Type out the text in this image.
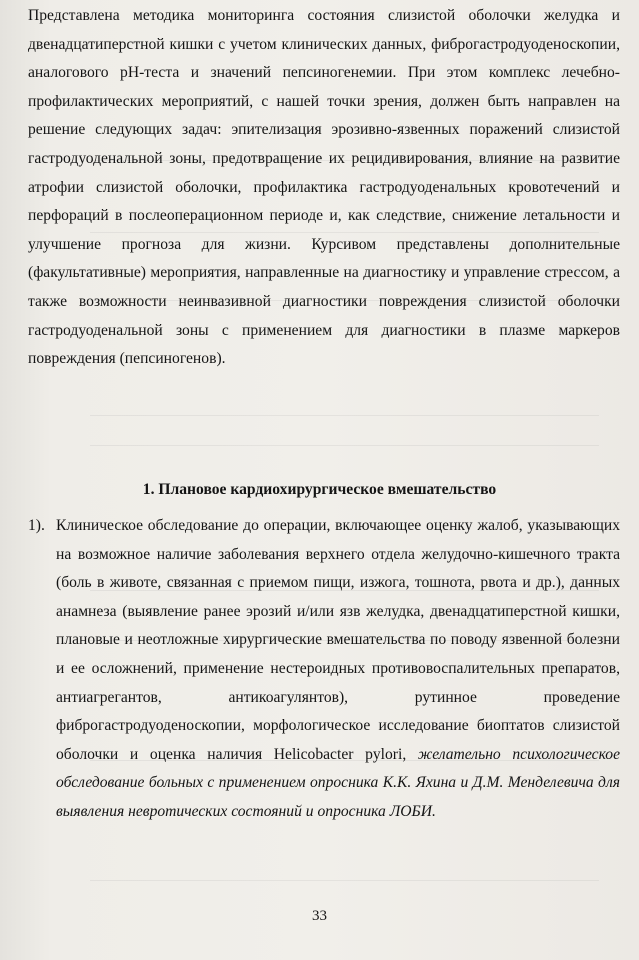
Представлена методика мониторинга состояния слизистой оболочки желудка и двенадцатиперстной кишки с учетом клинических данных, фиброгастродуоденоскопии, аналогового pH-теста и значений пепсиногенемии. При этом комплекс лечебно-профилактических мероприятий, с нашей точки зрения, должен быть направлен на решение следующих задач: эпителизация эрозивно-язвенных поражений слизистой гастродуоденальной зоны, предотвращение их рецидивирования, влияние на развитие атрофии слизистой оболочки, профилактика гастродуоденальных кровотечений и перфораций в послеоперационном периоде и, как следствие, снижение летальности и улучшение прогноза для жизни. Курсивом представлены дополнительные (факультативные) мероприятия, направленные на диагностику и управление стрессом, а также возможности неинвазивной диагностики повреждения слизистой оболочки гастродуоденальной зоны с применением для диагностики в плазме маркеров повреждения (пепсиногенов).

1. Плановое кардиохирургическое вмешательство
1). Клиническое обследование до операции, включающее оценку жалоб, указывающих на возможное наличие заболевания верхнего отдела желудочно-кишечного тракта (боль в животе, связанная с приемом пищи, изжога, тошнота, рвота и др.), данных анамнеза (выявление ранее эрозий и/или язв желудка, двенадцатиперстной кишки, плановые и неотложные хирургические вмешательства по поводу язвенной болезни и ее осложнений, применение нестероидных противовоспалительных препаратов, антиагрегантов, антикоагулянтов), рутинное проведение фиброгастродуоденоскопии, морфологическое исследование биоптатов слизистой оболочки и оценка наличия Helicobacter pylori, желательно психологическое обследование больных с применением опросника К.К. Яхина и Д.М. Менделевича для выявления невротических состояний и опросника ЛОБИ.
33
